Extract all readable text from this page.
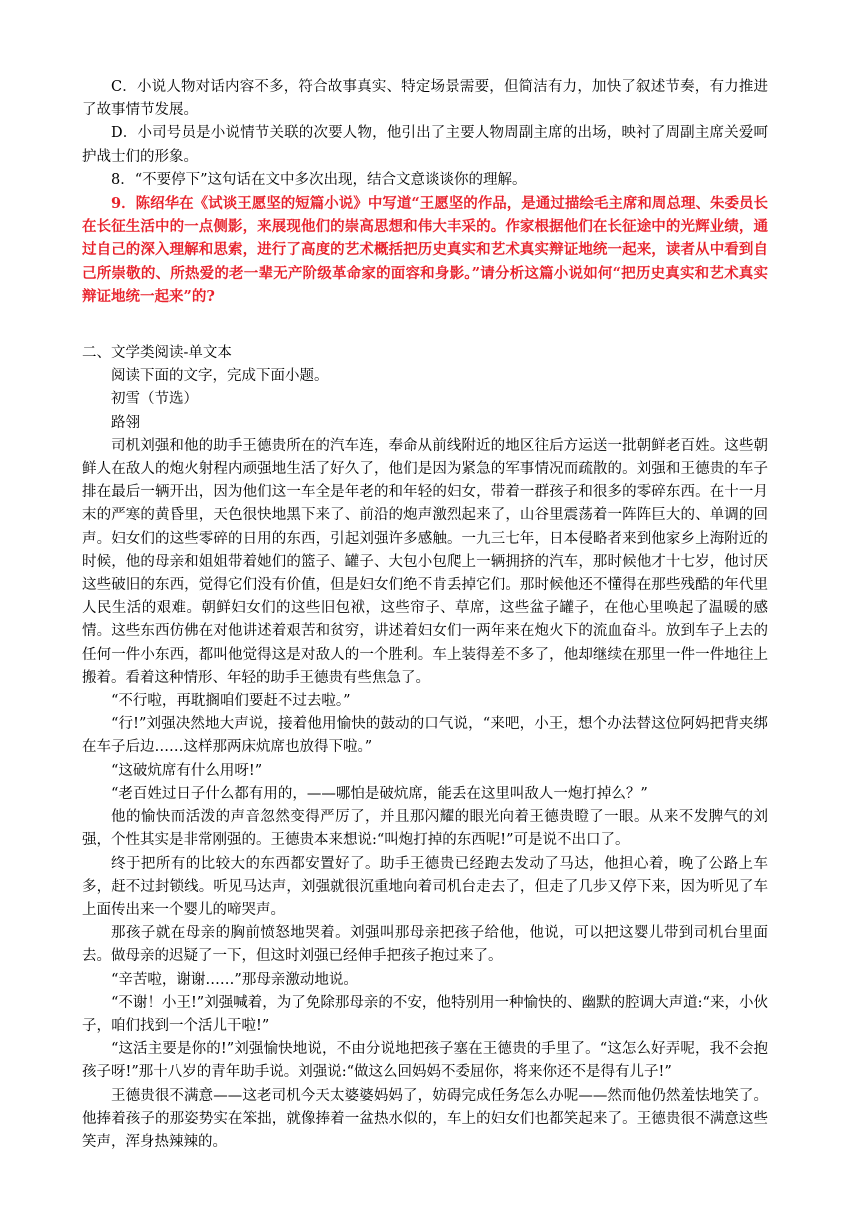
C．小说人物对话内容不多，符合故事真实、特定场景需要，但简洁有力，加快了叙述节奏，有力推进了故事情节发展。

D．小司号员是小说情节关联的次要人物，他引出了主要人物周副主席的出场，映衬了周副主席关爱呵护战士们的形象。

8．“不要停下”这句话在文中多次出现，结合文意谈谈你的理解。

9．陈绍华在《试谈王愿坚的短篇小说》中写道“王愿坚的作品，是通过描绘毛主席和周总理、朱委员长在长征生活中的一点侧影，来展现他们的崇高思想和伟大丰采的。作家根据他们在长征途中的光辉业绩，通过自己的深入理解和思索，进行了高度的艺术概括把历史真实和艺术真实辩证地统一起来，读者从中看到自己所崇敬的、所热爱的老一辈无产阶级革命家的面容和身影。”请分析这篇小说如何“把历史真实和艺术真实辩证地统一起来”的?

二、文学类阅读-单文本

阅读下面的文字，完成下面小题。

初雪（节选）

路翎

司机刘强和他的助手王德贵所在的汽车连，奉命从前线附近的地区往后方运送一批朝鲜老百姓。这些朝鲜人在敌人的炮火射程内顽强地生活了好久了，他们是因为紧急的军事情况而疏散的。刘强和王德贵的车子排在最后一辆开出，因为他们这一车全是年老的和年轻的妇女，带着一群孩子和很多的零碎东西。在十一月末的严寒的黄昏里，天色很快地黑下来了、前沿的炮声激烈起来了，山谷里震荡着一阵阵巨大的、单调的回声。妇女们的这些零碎的日用的东西，引起刘强许多感触。一九三七年，日本侵略者来到他家乡上海附近的时候，他的母亲和姐姐带着她们的篮子、罐子、大包小包爬上一辆拥挤的汽车，那时候他才十七岁，他讨厌这些破旧的东西，觉得它们没有价值，但是妇女们绝不肯丢掉它们。那时候他还不懂得在那些残酷的年代里人民生活的艰难。朝鲜妇女们的这些旧包袱，这些帘子、草席，这些盆子罐子，在他心里唤起了温暖的感情。这些东西仿佛在对他讲述着艰苦和贫穷，讲述着妇女们一两年来在炮火下的流血奋斗。放到车子上去的任何一件小东西，都叫他觉得这是对敌人的一个胜利。车上装得差不多了，他却继续在那里一件一件地往上搬着。看着这种情形、年轻的助手王德贵有些焦急了。

“不行啦，再耽搁咱们要赶不过去啦。”

“行!”刘强决然地大声说，接着他用愉快的鼓动的口气说，“来吧，小王，想个办法替这位阿妈把背夹绑在车子后边……这样那两床炕席也放得下啦。”

“这破炕席有什么用呀!”

“老百姓过日子什么都有用的，——哪怕是破炕席，能丢在这里叫敌人一炮打掉么？”

他的愉快而活泼的声音忽然变得严厉了，并且那闪耀的眼光向着王德贵瞪了一眼。从来不发脾气的刘强，个性其实是非常刚强的。王德贵本来想说:“叫炮打掉的东西呢!”可是说不出口了。

终于把所有的比较大的东西都安置好了。助手王德贵已经跑去发动了马达，他担心着，晚了公路上车多，赶不过封锁线。听见马达声，刘强就很沉重地向着司机台走去了，但走了几步又停下来，因为听见了车上面传出来一个婴儿的啼哭声。

那孩子就在母亲的胸前愤怒地哭着。刘强叫那母亲把孩子给他，他说，可以把这婴儿带到司机台里面去。做母亲的迟疑了一下，但这时刘强已经伸手把孩子抱过来了。

“辛苦啦，谢谢……”那母亲激动地说。

“不谢！小王!”刘强喊着，为了免除那母亲的不安，他特别用一种愉快的、幽默的腔调大声道:“来，小伙子，咱们找到一个活儿干啦!”

“这活主要是你的!”刘强愉快地说，不由分说地把孩子塞在王德贵的手里了。“这怎么好弄呢，我不会抱孩子呀!”那十八岁的青年助手说。刘强说:“做这么回妈妈不委屈你，将来你还不是得有儿子!”

王德贵很不满意——这老司机今天太婆婆妈妈了，妨碍完成任务怎么办呢——然而他仍然羞怯地笑了。他捧着孩子的那姿势实在笨拙，就像捧着一盆热水似的，车上的妇女们也都笑起来了。王德贵很不满意这些笑声，浑身热辣辣的。
